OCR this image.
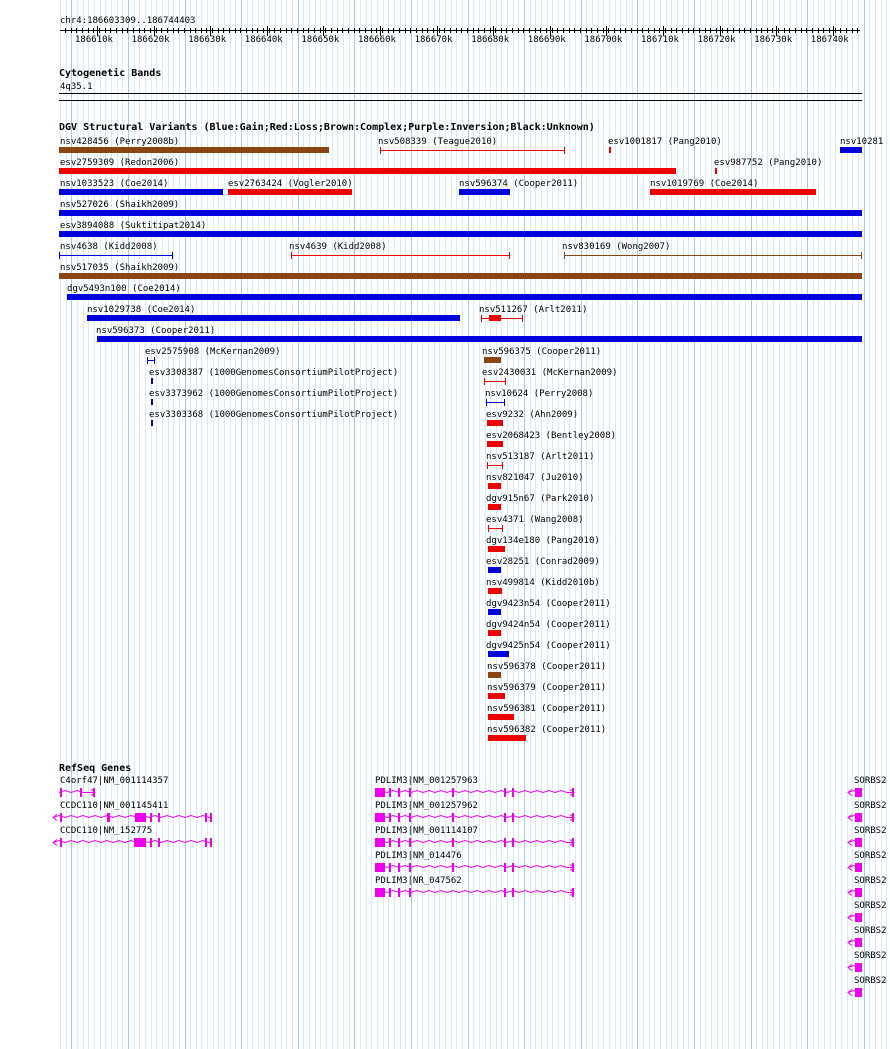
chr4:186603309..186744403
186610k 186620k 186630k 186640k 186650k 186660k 186670k 186680k 186690k 186700k 186710k 186720k 186730k 186740k
Cytogenetic Bands
4q35.1
DGV Structural Variants (Blue:Gain;Red:Loss;Brown:Complex;Purple:Inversion;Black:Unknown)
nsv428456 (Perry2008b)	nsv508339 (Teague2010)	esv1001817 (Pang2010)	nsv10281
esv2759309 (Redon2006)	esv987752 (Pang2010)
nsv1033523 (Coe2014)	esv2763424 (Vogler2010)	nsv596374 (Cooper2011)	nsv1019769 (Coe2014)
nsv527026 (Shaikh2009)
esv3894088 (Suktitipat2014)
nsv4638 (Kidd2008)	nsv4639 (Kidd2008)	nsv830169 (Wong2007)
nsv517035 (Shaikh2009)
dgv5493n100 (Coe2014)
nsv1029738 (Coe2014)	nsv511267 (Arlt2011)
nsv596373 (Cooper2011)
esv2575908 (McKernan2009)	nsv596375 (Cooper2011)
esv3308387 (1000GenomesConsortiumPilotProject)	esv2430031 (McKernan2009)
esv3373962 (1000GenomesConsortiumPilotProject)	nsv10624 (Perry2008)
esv3303368 (1000GenomesConsortiumPilotProject)	esv9232 (Ahn2009)
esv2068423 (Bentley2008)
nsv513187 (Arlt2011)
nsv821047 (Ju2010)
dgv915n67 (Park2010)
esv4371 (Wang2008)
dgv134e180 (Pang2010)
esv28251 (Conrad2009)
nsv499814 (Kidd2010b)
dgv9423n54 (Cooper2011)
dgv9424n54 (Cooper2011)
dgv9425n54 (Cooper2011)
nsv596378 (Cooper2011)
nsv596379 (Cooper2011)
nsv596381 (Cooper2011)
nsv596382 (Cooper2011)
RefSeq Genes
C4orf47|NM_001114357	PDLIM3|NM_001257963	SORBS2
CCDC110|NM_001145411	PDLIM3|NM_001257962	SORBS2
CCDC110|NM_152775	PDLIM3|NM_001114107	SORBS2
PDLIM3|NM_014476	SORBS2
PDLIM3|NR_047562	SORBS2
SORBS2
SORBS2
SORBS2
SORBS2
